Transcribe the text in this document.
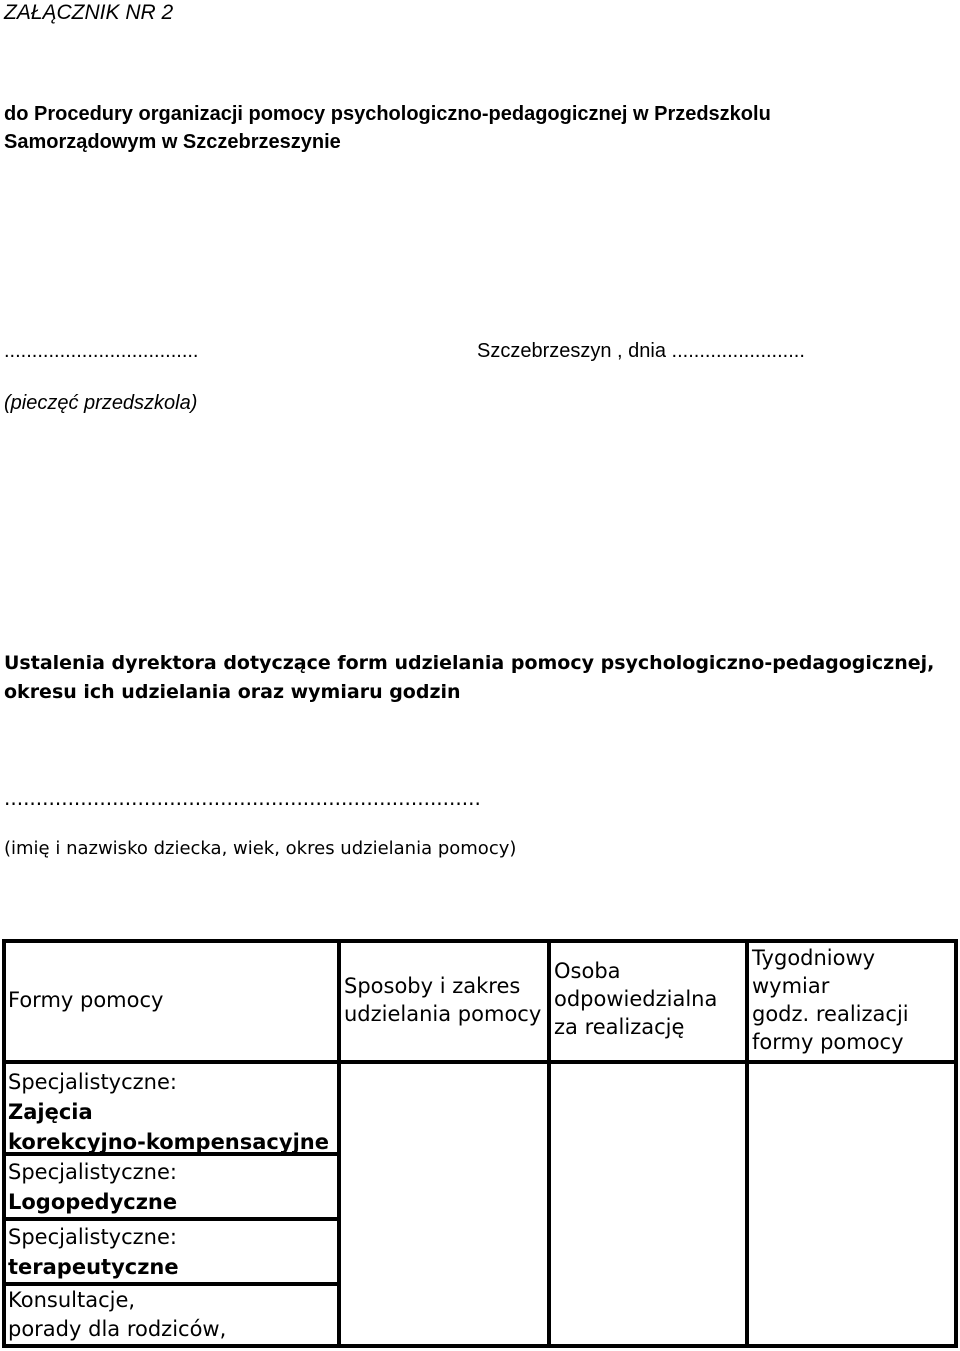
ZAŁĄCZNIK NR 2
do Procedury organizacji pomocy psychologiczno-pedagogicznej w Przedszkolu
Samorządowym w Szczebrzeszynie
...................................	Szczebrzeszyn , dnia ........................
(pieczęć przedszkola)
Ustalenia dyrektora dotyczące form udzielania pomocy psychologiczno-pedagogicznej,
okresu ich udzielania oraz wymiaru godzin
...........................................................................
(imię i nazwisko dziecka, wiek, okres udzielania pomocy)
Formy pomocy
Sposoby i zakres
udzielania pomocy
Osoba
odpowiedzialna
za realizację
Tygodniowy
wymiar
godz. realizacji
formy pomocy
Specjalistyczne:
Zajęcia
korekcyjno-kompensacyjne
Specjalistyczne:
Logopedyczne
Specjalistyczne:
terapeutyczne
Konsultacje,
porady dla rodziców,
